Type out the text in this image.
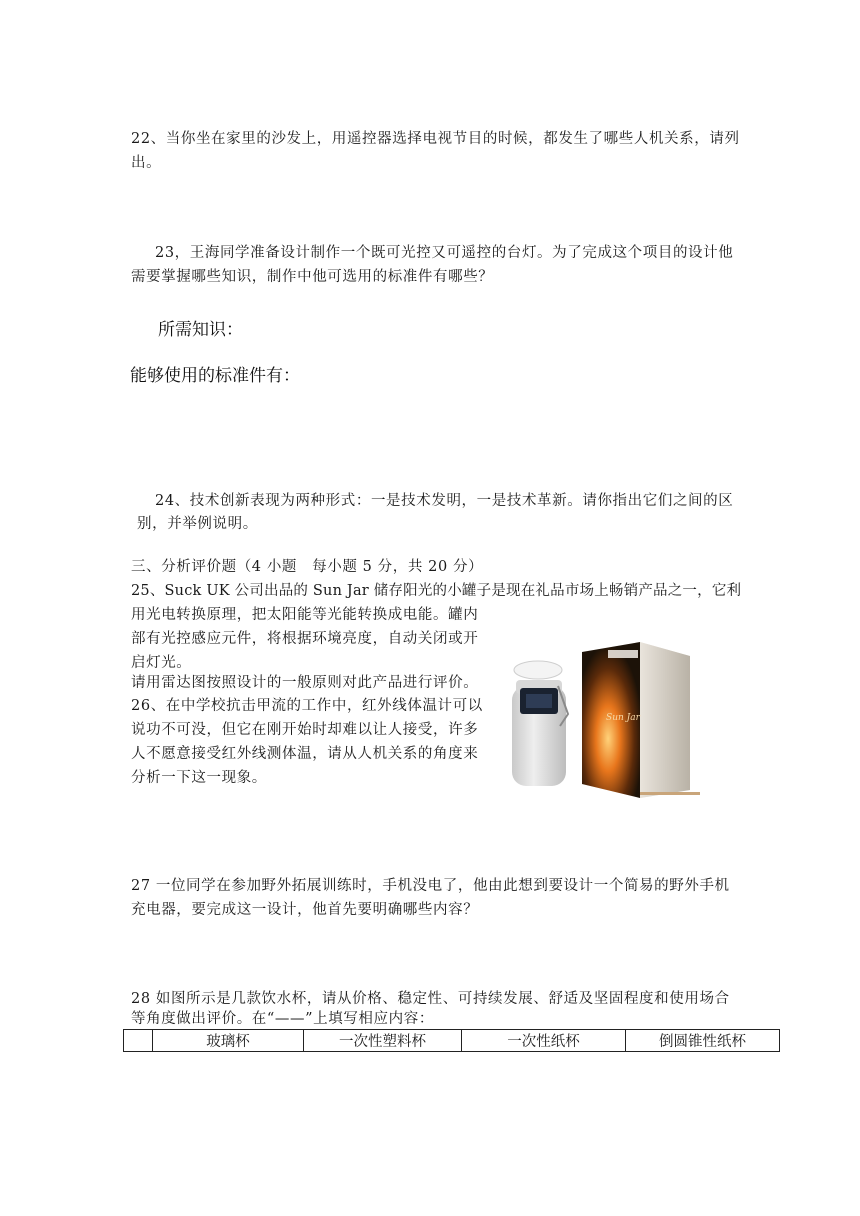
22、当你坐在家里的沙发上，用遥控器选择电视节目的时候，都发生了哪些人机关系，请列
出。
23，王海同学准备设计制作一个既可光控又可遥控的台灯。为了完成这个项目的设计他
需要掌握哪些知识，制作中他可选用的标准件有哪些？
所需知识：
能够使用的标准件有：
24、技术创新表现为两种形式：一是技术发明，一是技术革新。请你指出它们之间的区
别，并举例说明。
三、分析评价题（4 小题　每小题 5 分，共 20 分）
25、Suck UK 公司出品的 Sun Jar 储存阳光的小罐子是现在礼品市场上畅销产品之一，它利
用光电转换原理，把太阳能等光能转换成电能。罐内
部有光控感应元件，将根据环境亮度，自动关闭或开
启灯光。
请用雷达图按照设计的一般原则对此产品进行评价。
26、在中学校抗击甲流的工作中，红外线体温计可以
说功不可没，但它在刚开始时却难以让人接受，许多
人不愿意接受红外线测体温，请从人机关系的角度来
分析一下这一现象。
Sun Jar
27 一位同学在参加野外拓展训练时，手机没电了，他由此想到要设计一个简易的野外手机
充电器，要完成这一设计，他首先要明确哪些内容？
28 如图所示是几款饮水杯，请从价格、稳定性、可持续发展、舒适及坚固程度和使用场合
等角度做出评价。在“——”上填写相应内容：
	玻璃杯	一次性塑料杯	一次性纸杯	倒圆锥性纸杯
